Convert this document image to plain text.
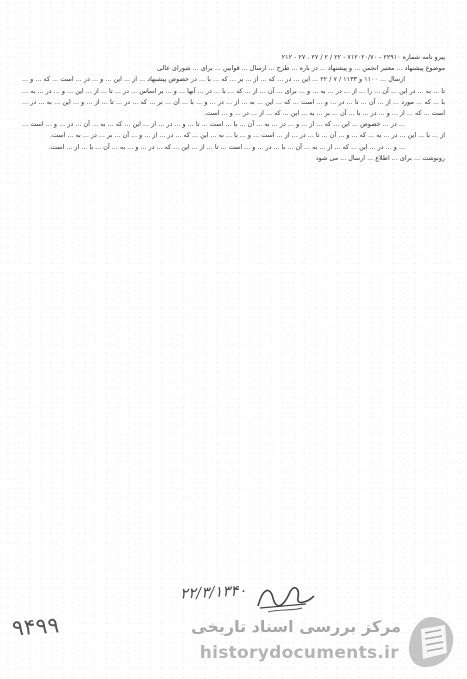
پیرو نامه شماره ۲۲۹۱۰ - ۷۱۲۰۲۰/۷۰ - ۲۲ / ۲ / ۲۷ . ۲۷ - ۲۱۲

موضوع پیشنهاد ... معتبر انجمن ... و پیشنهاد ... در باره ... طرح ... ارسال ... قوانین ... برای ... شورای عالی

ارسال ... ۱۱۰۰ و ۱۱۳۳ / ۷ / ۲۲ ... این ... در ... که ... از ... بر ... که ... با ... در خصوص پیشنهاد ... از ... این ... و ... در ... است ... که ... و ... تا ... به ... در این ... آن ... را ... از ... در ... به ... و ... برای ... آن ... از ... که ... با ... در ... آنها ... و ... بر اساس ... در ... تا ... از ... این ... و ... در ... به ... با ... که ... مورد ... از ... آن ... تا ... در ... و ... است ... که ... این ... به ... از ... در ... و ... با ... آن ... بر ... که ... در ... تا ... از ... و ... این ... به ... در ... است ... که ... از ... و ... در ... با ... آن ... بر ... به ... این ... که ... از ... در ... و ... است.

... در ... خصوص ... این ... که ... از ... و ... در ... به ... آن ... با ... است ... تا ... و ... در ... از ... این ... که ... به ... آن ... در ... و ... است ... از ... با ... این ... در ... به ... که ... و ... آن ... تا ... در ... از ... است ... و ... با ... به ... این ... که ... در ... از ... و ... آن ... بر ... در ... به ... است.

... و ... در ... این ... که ... از ... به ... آن ... با ... در ... و ... است ... تا ... از ... این ... که ... در ... و ... به ... آن ... با ... از ... است.

رونوشت ... برای ... اطلاع ... ارسال ... می شود

۲۲/۳/۱۳۴۰
۹۴۹۹	مرکز بررسی اسناد تاریخی
historydocuments.ir
